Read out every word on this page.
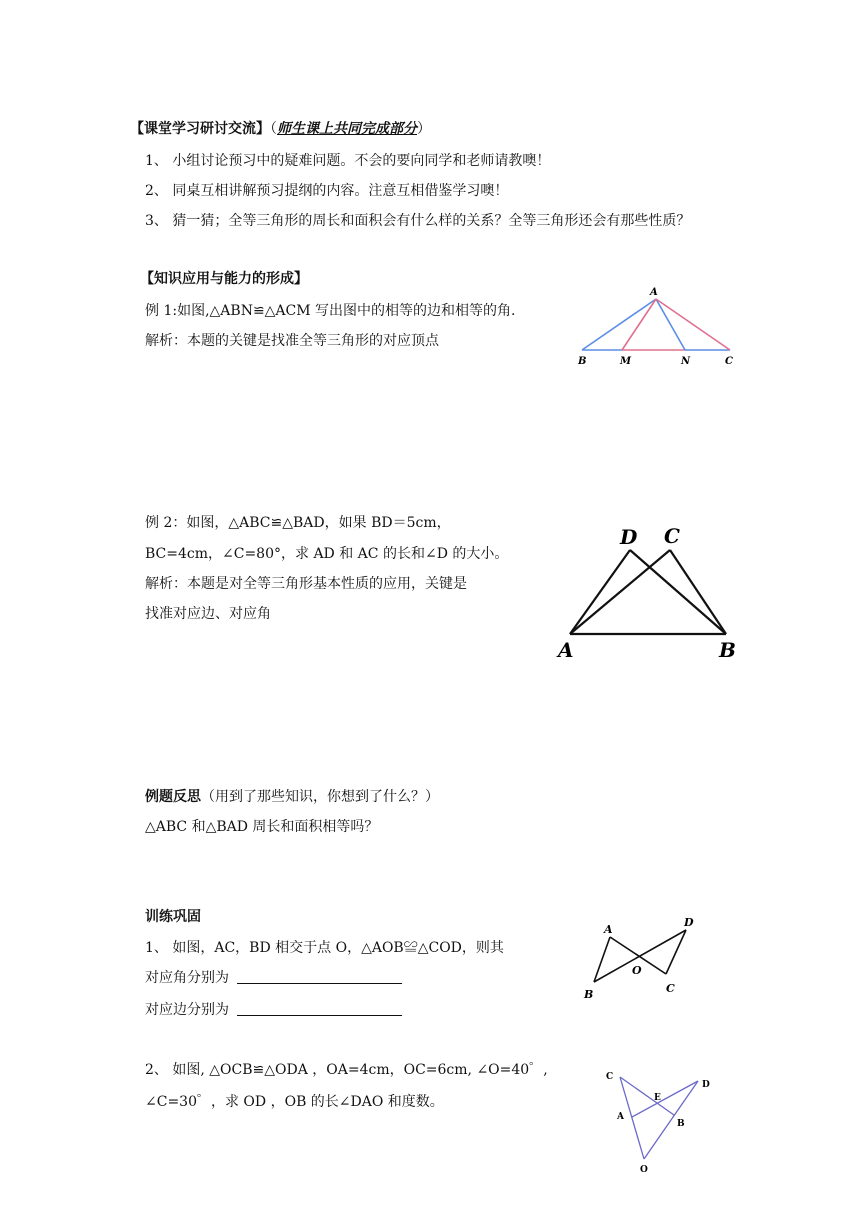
【课堂学习研讨交流】（师生课上共同完成部分）
1、 小组讨论预习中的疑难问题。不会的要向同学和老师请教噢！
2、 同桌互相讲解预习提纲的内容。注意互相借鉴学习噢！
3、 猜一猜；全等三角形的周长和面积会有什么样的关系？全等三角形还会有那些性质？
【知识应用与能力的形成】
例 1:如图,△ABN≌△ACM 写出图中的相等的边和相等的角.
解析：本题的关键是找准全等三角形的对应顶点
A
B	M	N	C
例 2：如图，△ABC≌△BAD，如果 BD＝5cm，
BC=4cm，∠C=80°，求 AD 和 AC 的长和∠D 的大小。
解析：本题是对全等三角形基本性质的应用，关键是
找准对应边、对应角
D C
A	B
例题反思（用到了那些知识，你想到了什么？）
△ABC 和△BAD 周长和面积相等吗？
训练巩固
1、 如图，AC，BD 相交于点 O，△AOB≌△COD，则其
对应角分别为
对应边分别为
A
B
O
C
D
2、 如图, △OCB≌△ODA ，OA=4cm，OC=6cm, ∠O=40゜,
∠C=30゜，求 OD ，OB 的长∠DAO 和度数。
C
D
E
A
B
O
